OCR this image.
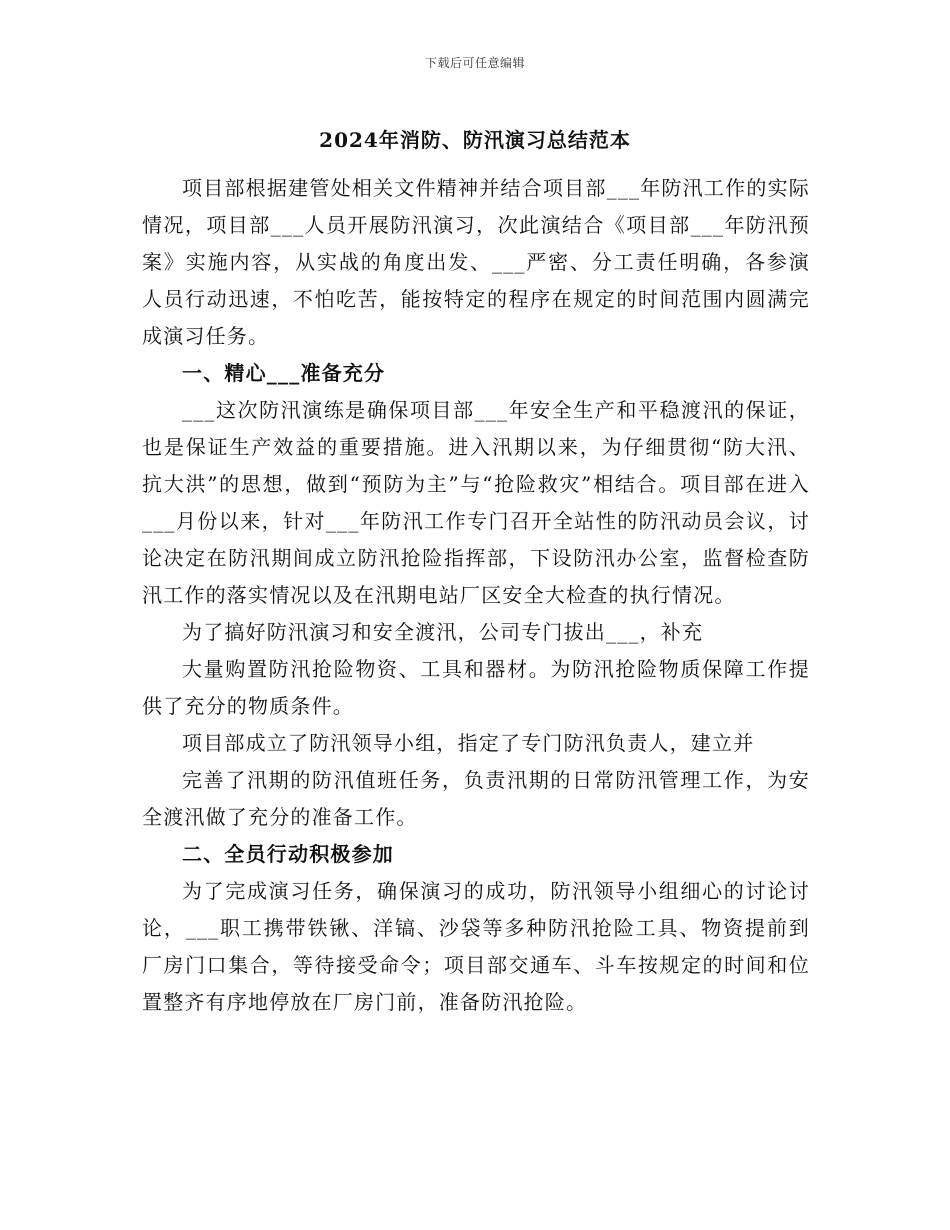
下载后可任意编辑
2024年消防、防汛演习总结范本

项目部根据建管处相关文件精神并结合项目部___年防汛工作的实际情况，项目部___人员开展防汛演习，次此演结合《项目部___年防汛预案》实施内容，从实战的角度出发、___严密、分工责任明确，各参演人员行动迅速，不怕吃苦，能按特定的程序在规定的时间范围内圆满完成演习任务。

一、精心___准备充分

___这次防汛演练是确保项目部___年安全生产和平稳渡汛的保证，也是保证生产效益的重要措施。进入汛期以来，为仔细贯彻“防大汛、抗大洪”的思想，做到“预防为主”与“抢险救灾”相结合。项目部在进入___月份以来，针对___年防汛工作专门召开全站性的防汛动员会议，讨论决定在防汛期间成立防汛抢险指挥部，下设防汛办公室，监督检查防汛工作的落实情况以及在汛期电站厂区安全大检查的执行情况。

为了搞好防汛演习和安全渡汛，公司专门拔出___，补充

大量购置防汛抢险物资、工具和器材。为防汛抢险物质保障工作提供了充分的物质条件。

项目部成立了防汛领导小组，指定了专门防汛负责人，建立并

完善了汛期的防汛值班任务，负责汛期的日常防汛管理工作，为安全渡汛做了充分的准备工作。

二、全员行动积极参加

为了完成演习任务，确保演习的成功，防汛领导小组细心的讨论讨论，___职工携带铁锹、洋镐、沙袋等多种防汛抢险工具、物资提前到厂房门口集合，等待接受命令；项目部交通车、斗车按规定的时间和位置整齐有序地停放在厂房门前，准备防汛抢险。
